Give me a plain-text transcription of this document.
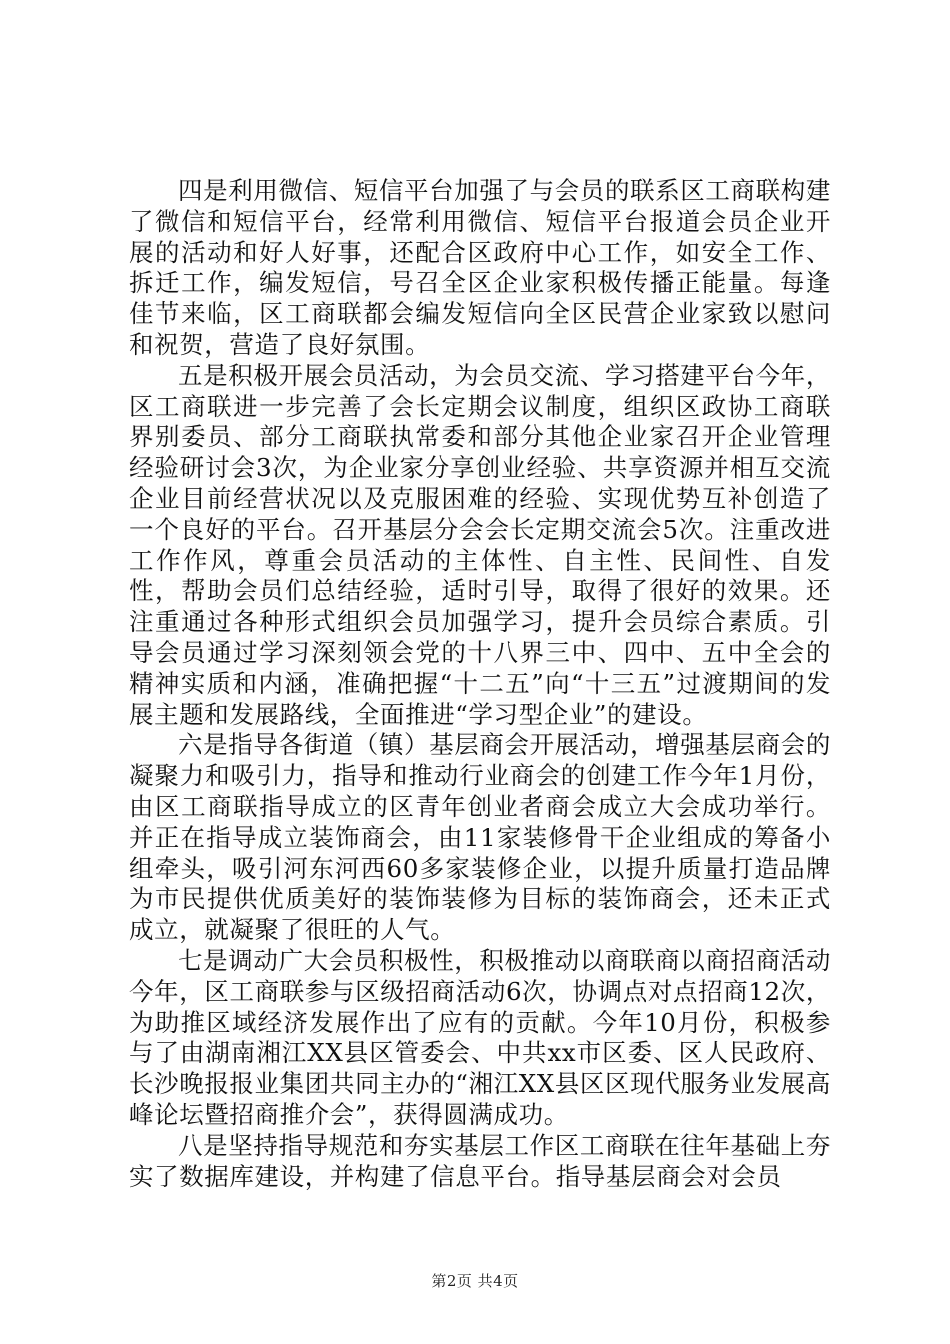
四是利用微信、短信平台加强了与会员的联系区工商联构建了微信和短信平台，经常利用微信、短信平台报道会员企业开展的活动和好人好事，还配合区政府中心工作，如安全工作、拆迁工作，编发短信，号召全区企业家积极传播正能量。每逢佳节来临，区工商联都会编发短信向全区民营企业家致以慰问和祝贺，营造了良好氛围。

五是积极开展会员活动，为会员交流、学习搭建平台今年，区工商联进一步完善了会长定期会议制度，组织区政协工商联界别委员、部分工商联执常委和部分其他企业家召开企业管理经验研讨会3次，为企业家分享创业经验、共享资源并相互交流企业目前经营状况以及克服困难的经验、实现优势互补创造了一个良好的平台。召开基层分会会长定期交流会5次。注重改进工作作风，尊重会员活动的主体性、自主性、民间性、自发性，帮助会员们总结经验，适时引导，取得了很好的效果。还注重通过各种形式组织会员加强学习，提升会员综合素质。引导会员通过学习深刻领会党的十八界三中、四中、五中全会的精神实质和内涵，准确把握“十二五”向“十三五”过渡期间的发展主题和发展路线，全面推进“学习型企业”的建设。

六是指导各街道（镇）基层商会开展活动，增强基层商会的凝聚力和吸引力，指导和推动行业商会的创建工作今年1月份，由区工商联指导成立的区青年创业者商会成立大会成功举行。并正在指导成立装饰商会，由11家装修骨干企业组成的筹备小组牵头，吸引河东河西60多家装修企业，以提升质量打造品牌为市民提供优质美好的装饰装修为目标的装饰商会，还未正式成立，就凝聚了很旺的人气。

七是调动广大会员积极性，积极推动以商联商以商招商活动今年，区工商联参与区级招商活动6次，协调点对点招商12次，为助推区域经济发展作出了应有的贡献。今年10月份，积极参与了由湖南湘江XX县区管委会、中共xx市区委、区人民政府、长沙晚报报业集团共同主办的“湘江XX县区区现代服务业发展高峰论坛暨招商推介会”，获得圆满成功。

八是坚持指导规范和夯实基层工作区工商联在往年基础上夯实了数据库建设，并构建了信息平台。指导基层商会对会员

第2页 共4页
